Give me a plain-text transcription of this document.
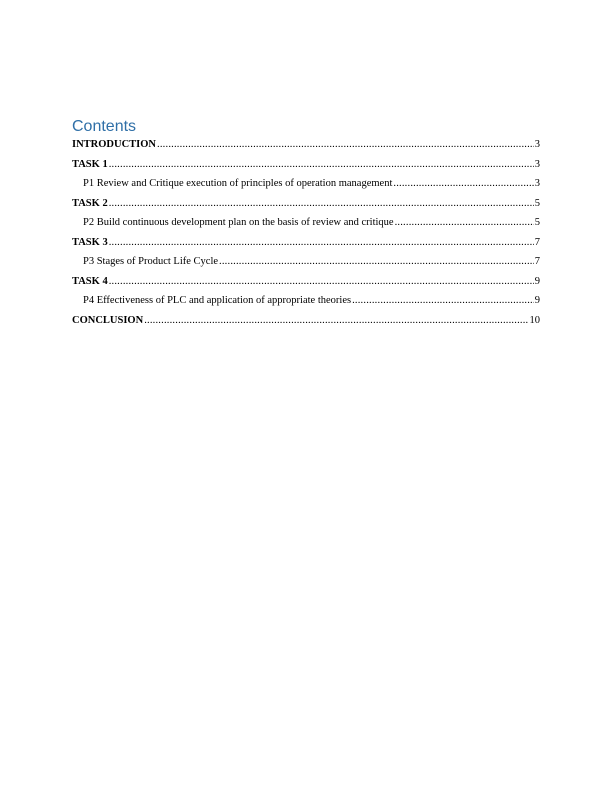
Contents
INTRODUCTION .....	3
TASK 1 .....	3
P1 Review and Critique execution of principles of operation management .....	3
TASK 2 .....	5
P2 Build continuous development plan on the basis of review and critique .....	5
TASK 3 .....	7
P3 Stages of Product Life Cycle .....	7
TASK 4 .....	9
P4 Effectiveness of PLC and application of appropriate theories .....	9
CONCLUSION .....	10
